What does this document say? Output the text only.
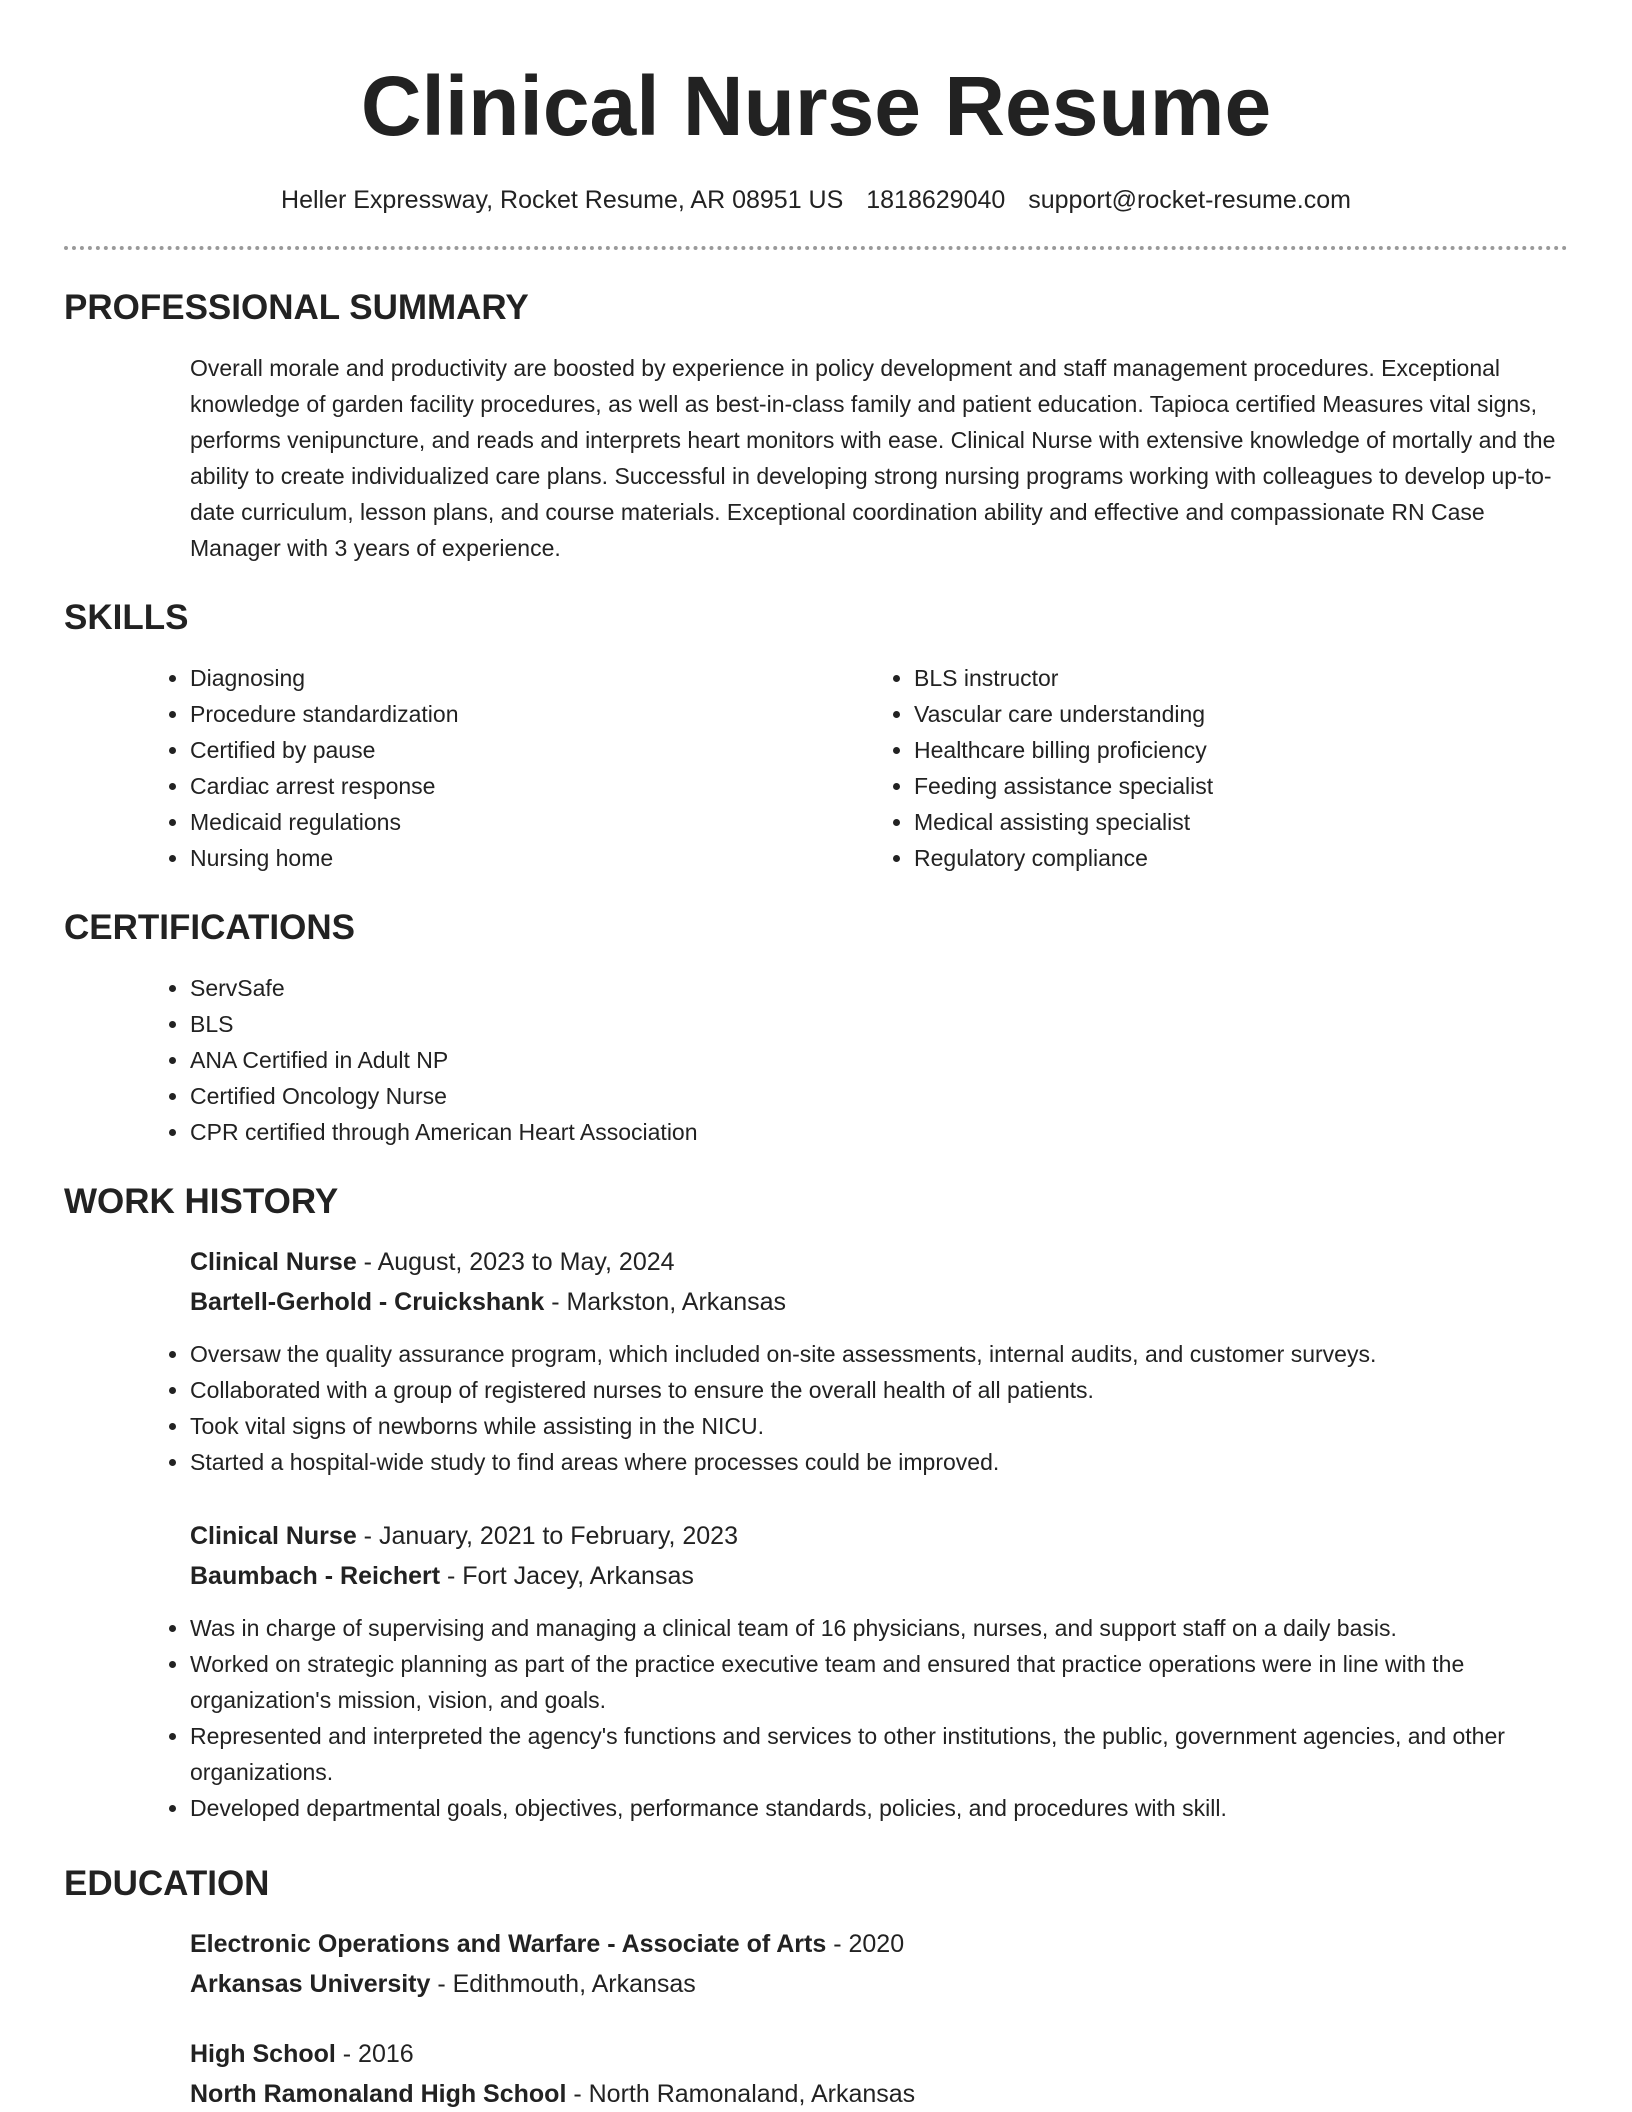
Clinical Nurse Resume
Heller Expressway, Rocket Resume, AR 08951 US 1818629040 support@rocket-resume.com
PROFESSIONAL SUMMARY

Overall morale and productivity are boosted by experience in policy development and staff management procedures. Exceptional knowledge of garden facility procedures, as well as best-in-class family and patient education. Tapioca certified Measures vital signs, performs venipuncture, and reads and interprets heart monitors with ease. Clinical Nurse with extensive knowledge of mortally and the ability to create individualized care plans. Successful in developing strong nursing programs working with colleagues to develop up-to-date curriculum, lesson plans, and course materials. Exceptional coordination ability and effective and compassionate RN Case Manager with 3 years of experience.

SKILLS
• Diagnosing
• Procedure standardization
• Certified by pause
• Cardiac arrest response
• Medicaid regulations
• Nursing home
• BLS instructor
• Vascular care understanding
• Healthcare billing proficiency
• Feeding assistance specialist
• Medical assisting specialist
• Regulatory compliance
CERTIFICATIONS
• ServSafe
• BLS
• ANA Certified in Adult NP
• Certified Oncology Nurse
• CPR certified through American Heart Association
WORK HISTORY
Clinical Nurse - August, 2023 to May, 2024
Bartell-Gerhold - Cruickshank - Markston, Arkansas
• Oversaw the quality assurance program, which included on-site assessments, internal audits, and customer surveys.
• Collaborated with a group of registered nurses to ensure the overall health of all patients.
• Took vital signs of newborns while assisting in the NICU.
• Started a hospital-wide study to find areas where processes could be improved.
Clinical Nurse - January, 2021 to February, 2023
Baumbach - Reichert - Fort Jacey, Arkansas
• Was in charge of supervising and managing a clinical team of 16 physicians, nurses, and support staff on a daily basis.
• Worked on strategic planning as part of the practice executive team and ensured that practice operations were in line with the organization's mission, vision, and goals.
• Represented and interpreted the agency's functions and services to other institutions, the public, government agencies, and other organizations.
• Developed departmental goals, objectives, performance standards, policies, and procedures with skill.
EDUCATION
Electronic Operations and Warfare - Associate of Arts - 2020
Arkansas University - Edithmouth, Arkansas
High School - 2016
North Ramonaland High School - North Ramonaland, Arkansas
